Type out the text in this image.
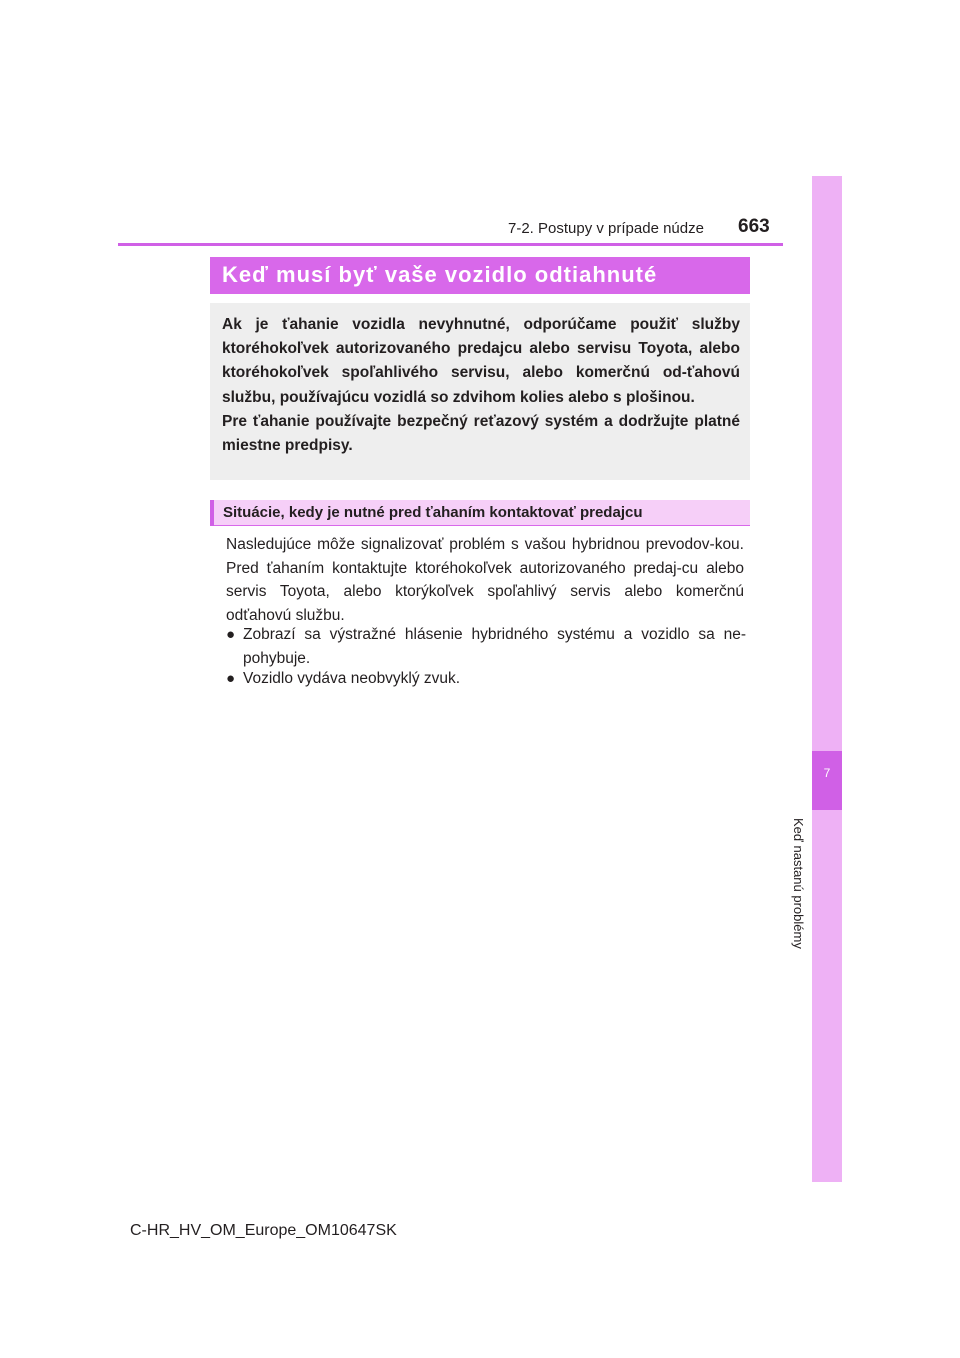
7
Keď nastanú problémy
7-2. Postupy v prípade núdze 663
Keď musí byť vaše vozidlo odtiahnuté

Ak je ťahanie vozidla nevyhnutné, odporúčame použiť služby ktoréhokoľvek autorizovaného predajcu alebo servisu Toyota, alebo ktoréhokoľvek spoľahlivého servisu, alebo komerčnú od-ťahovú službu, používajúcu vozidlá so zdvihom kolies alebo s plošinou.

Pre ťahanie používajte bezpečný reťazový systém a dodržujte platné miestne predpisy.

Situácie, kedy je nutné pred ťahaním kontaktovať predajcu

Nasledujúce môže signalizovať problém s vašou hybridnou prevodov-kou. Pred ťahaním kontaktujte ktoréhokoľvek autorizovaného predaj-cu alebo servis Toyota, alebo ktorýkoľvek spoľahlivý servis alebo komerčnú odťahovú službu.

● Zobrazí sa výstražné hlásenie hybridného systému a vozidlo sa ne-pohybuje.
● Vozidlo vydáva neobvyklý zvuk.
C-HR_HV_OM_Europe_OM10647SK
